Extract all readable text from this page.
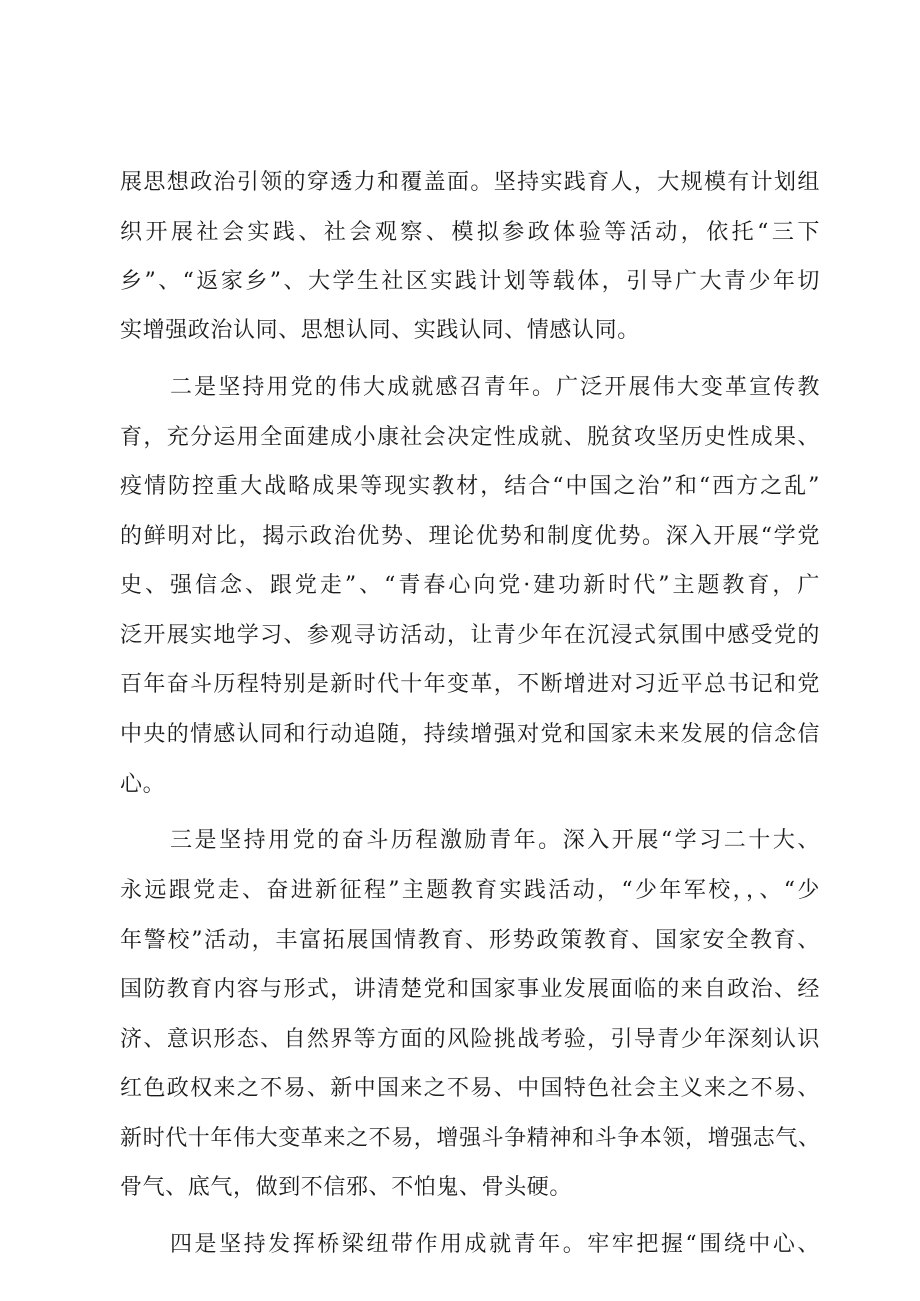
展思想政治引领的穿透力和覆盖面。坚持实践育人，大规模有计划组
织开展社会实践、社会观察、模拟参政体验等活动，依托“三下
乡”、“返家乡”、大学生社区实践计划等载体，引导广大青少年切
实增强政治认同、思想认同、实践认同、情感认同。
二是坚持用党的伟大成就感召青年。广泛开展伟大变革宣传教
育，充分运用全面建成小康社会决定性成就、脱贫攻坚历史性成果、
疫情防控重大战略成果等现实教材，结合“中国之治”和“西方之乱”
的鲜明对比，揭示政治优势、理论优势和制度优势。深入开展“学党
史、强信念、跟党走”、“青春心向党·建功新时代”主题教育，广
泛开展实地学习、参观寻访活动，让青少年在沉浸式氛围中感受党的
百年奋斗历程特别是新时代十年变革，不断增进对习近平总书记和党
中央的情感认同和行动追随，持续增强对党和国家未来发展的信念信
心。
三是坚持用党的奋斗历程激励青年。深入开展“学习二十大、
永远跟党走、奋进新征程”主题教育实践活动，“少年军校，，、“少
年警校”活动，丰富拓展国情教育、形势政策教育、国家安全教育、
国防教育内容与形式，讲清楚党和国家事业发展面临的来自政治、经
济、意识形态、自然界等方面的风险挑战考验，引导青少年深刻认识
红色政权来之不易、新中国来之不易、中国特色社会主义来之不易、
新时代十年伟大变革来之不易，增强斗争精神和斗争本领，增强志气、
骨气、底气，做到不信邪、不怕鬼、骨头硬。
四是坚持发挥桥梁纽带作用成就青年。牢牢把握“围绕中心、
